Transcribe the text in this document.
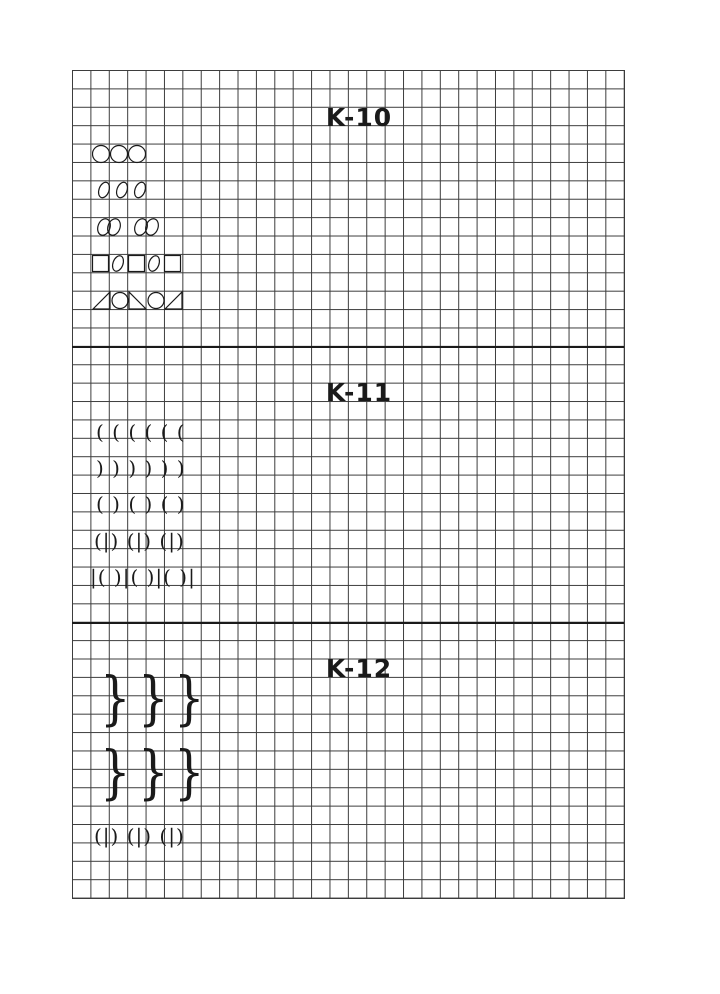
K-10
K-11
( ( ( ( ( (
) ) ) ) ) )
( ) ( ) ( )
(|) (|) (|)
|( )|( )|( )|
K-12
} } }
} } }
(|) (|) (|)
